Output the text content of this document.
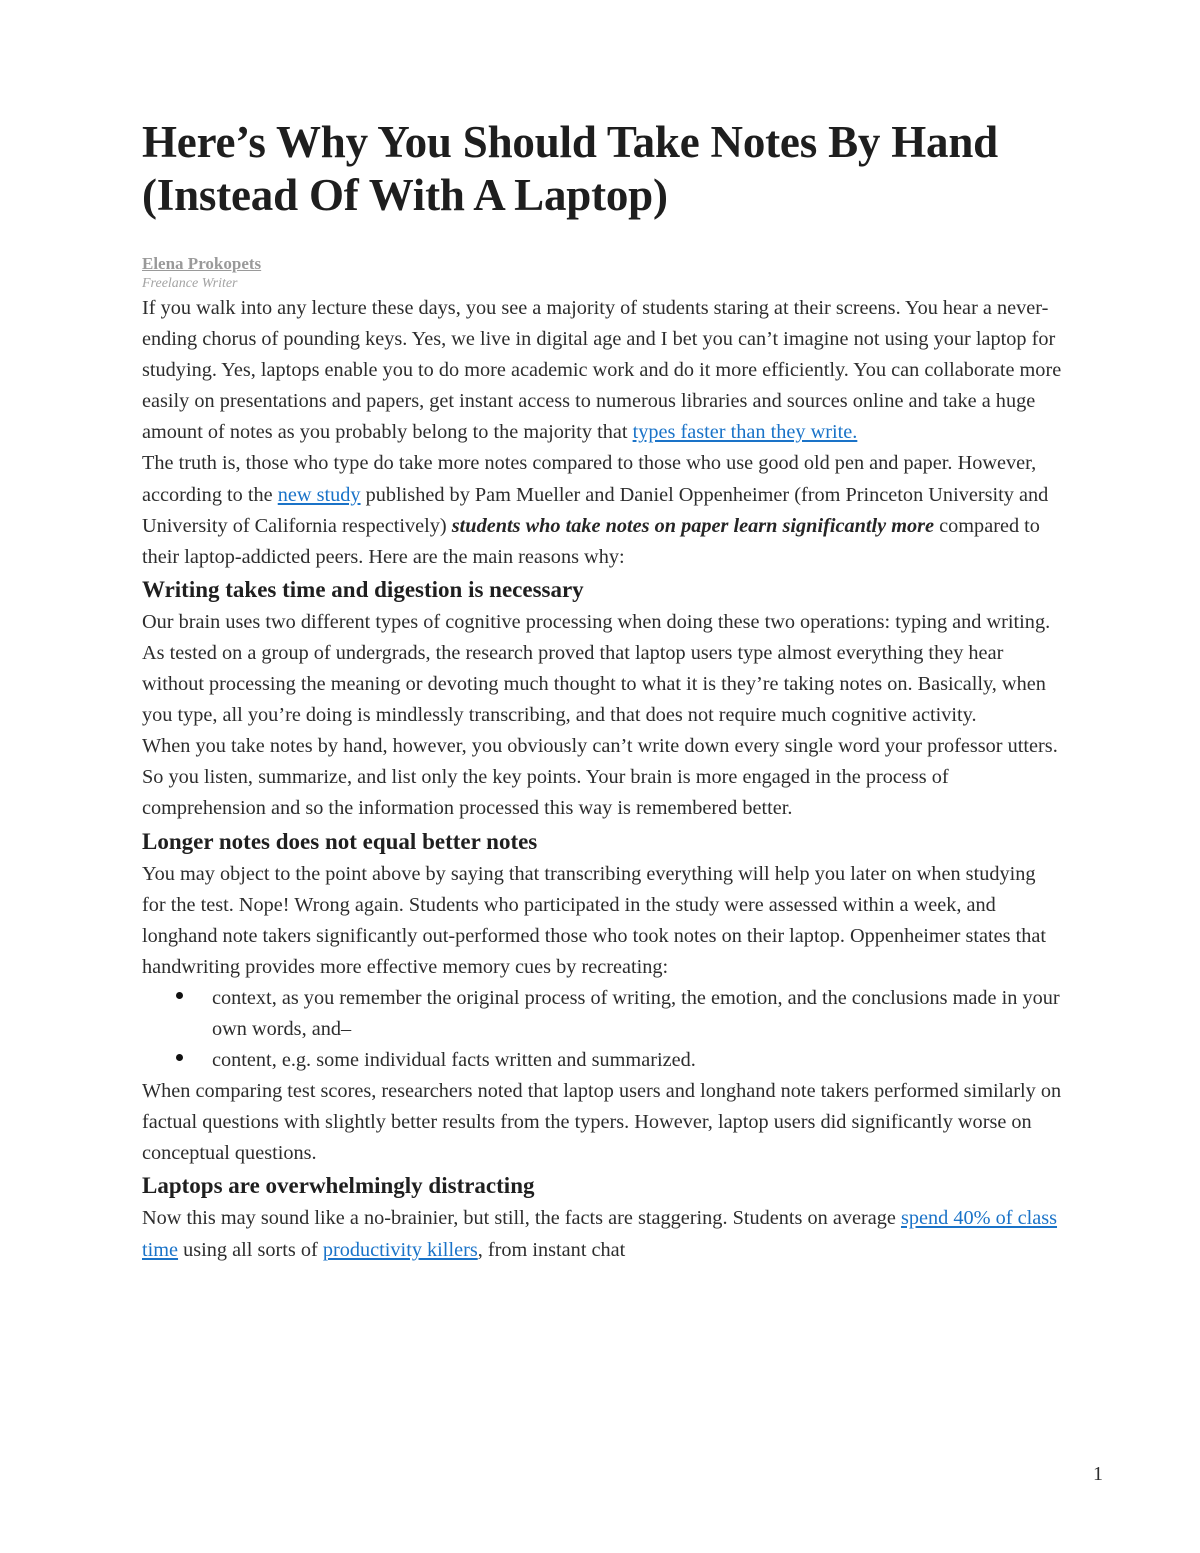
Here’s Why You Should Take Notes By Hand (Instead Of With A Laptop)
Elena Prokopets
Freelance Writer

If you walk into any lecture these days, you see a majority of students staring at their screens. You hear a never-ending chorus of pounding keys. Yes, we live in digital age and I bet you can’t imagine not using your laptop for studying. Yes, laptops enable you to do more academic work and do it more efficiently. You can collaborate more easily on presentations and papers, get instant access to numerous libraries and sources online and take a huge amount of notes as you probably belong to the majority that types faster than they write.

The truth is, those who type do take more notes compared to those who use good old pen and paper. However, according to the new study published by Pam Mueller and Daniel Oppenheimer (from Princeton University and University of California respectively) students who take notes on paper learn significantly more compared to their laptop-addicted peers. Here are the main reasons why:

Writing takes time and digestion is necessary

Our brain uses two different types of cognitive processing when doing these two operations: typing and writing. As tested on a group of undergrads, the research proved that laptop users type almost everything they hear without processing the meaning or devoting much thought to what it is they’re taking notes on. Basically, when you type, all you’re doing is mindlessly transcribing, and that does not require much cognitive activity.

When you take notes by hand, however, you obviously can’t write down every single word your professor utters. So you listen, summarize, and list only the key points. Your brain is more engaged in the process of comprehension and so the information processed this way is remembered better.

Longer notes does not equal better notes

You may object to the point above by saying that transcribing everything will help you later on when studying for the test. Nope! Wrong again. Students who participated in the study were assessed within a week, and longhand note takers significantly out-performed those who took notes on their laptop. Oppenheimer states that handwriting provides more effective memory cues by recreating:

context, as you remember the original process of writing, the emotion, and the conclusions made in your own words, and–
content, e.g. some individual facts written and summarized.

When comparing test scores, researchers noted that laptop users and longhand note takers performed similarly on factual questions with slightly better results from the typers. However, laptop users did significantly worse on conceptual questions.

Laptops are overwhelmingly distracting

Now this may sound like a no-brainier, but still, the facts are staggering. Students on average spend 40% of class time using all sorts of productivity killers, from instant chat

1
